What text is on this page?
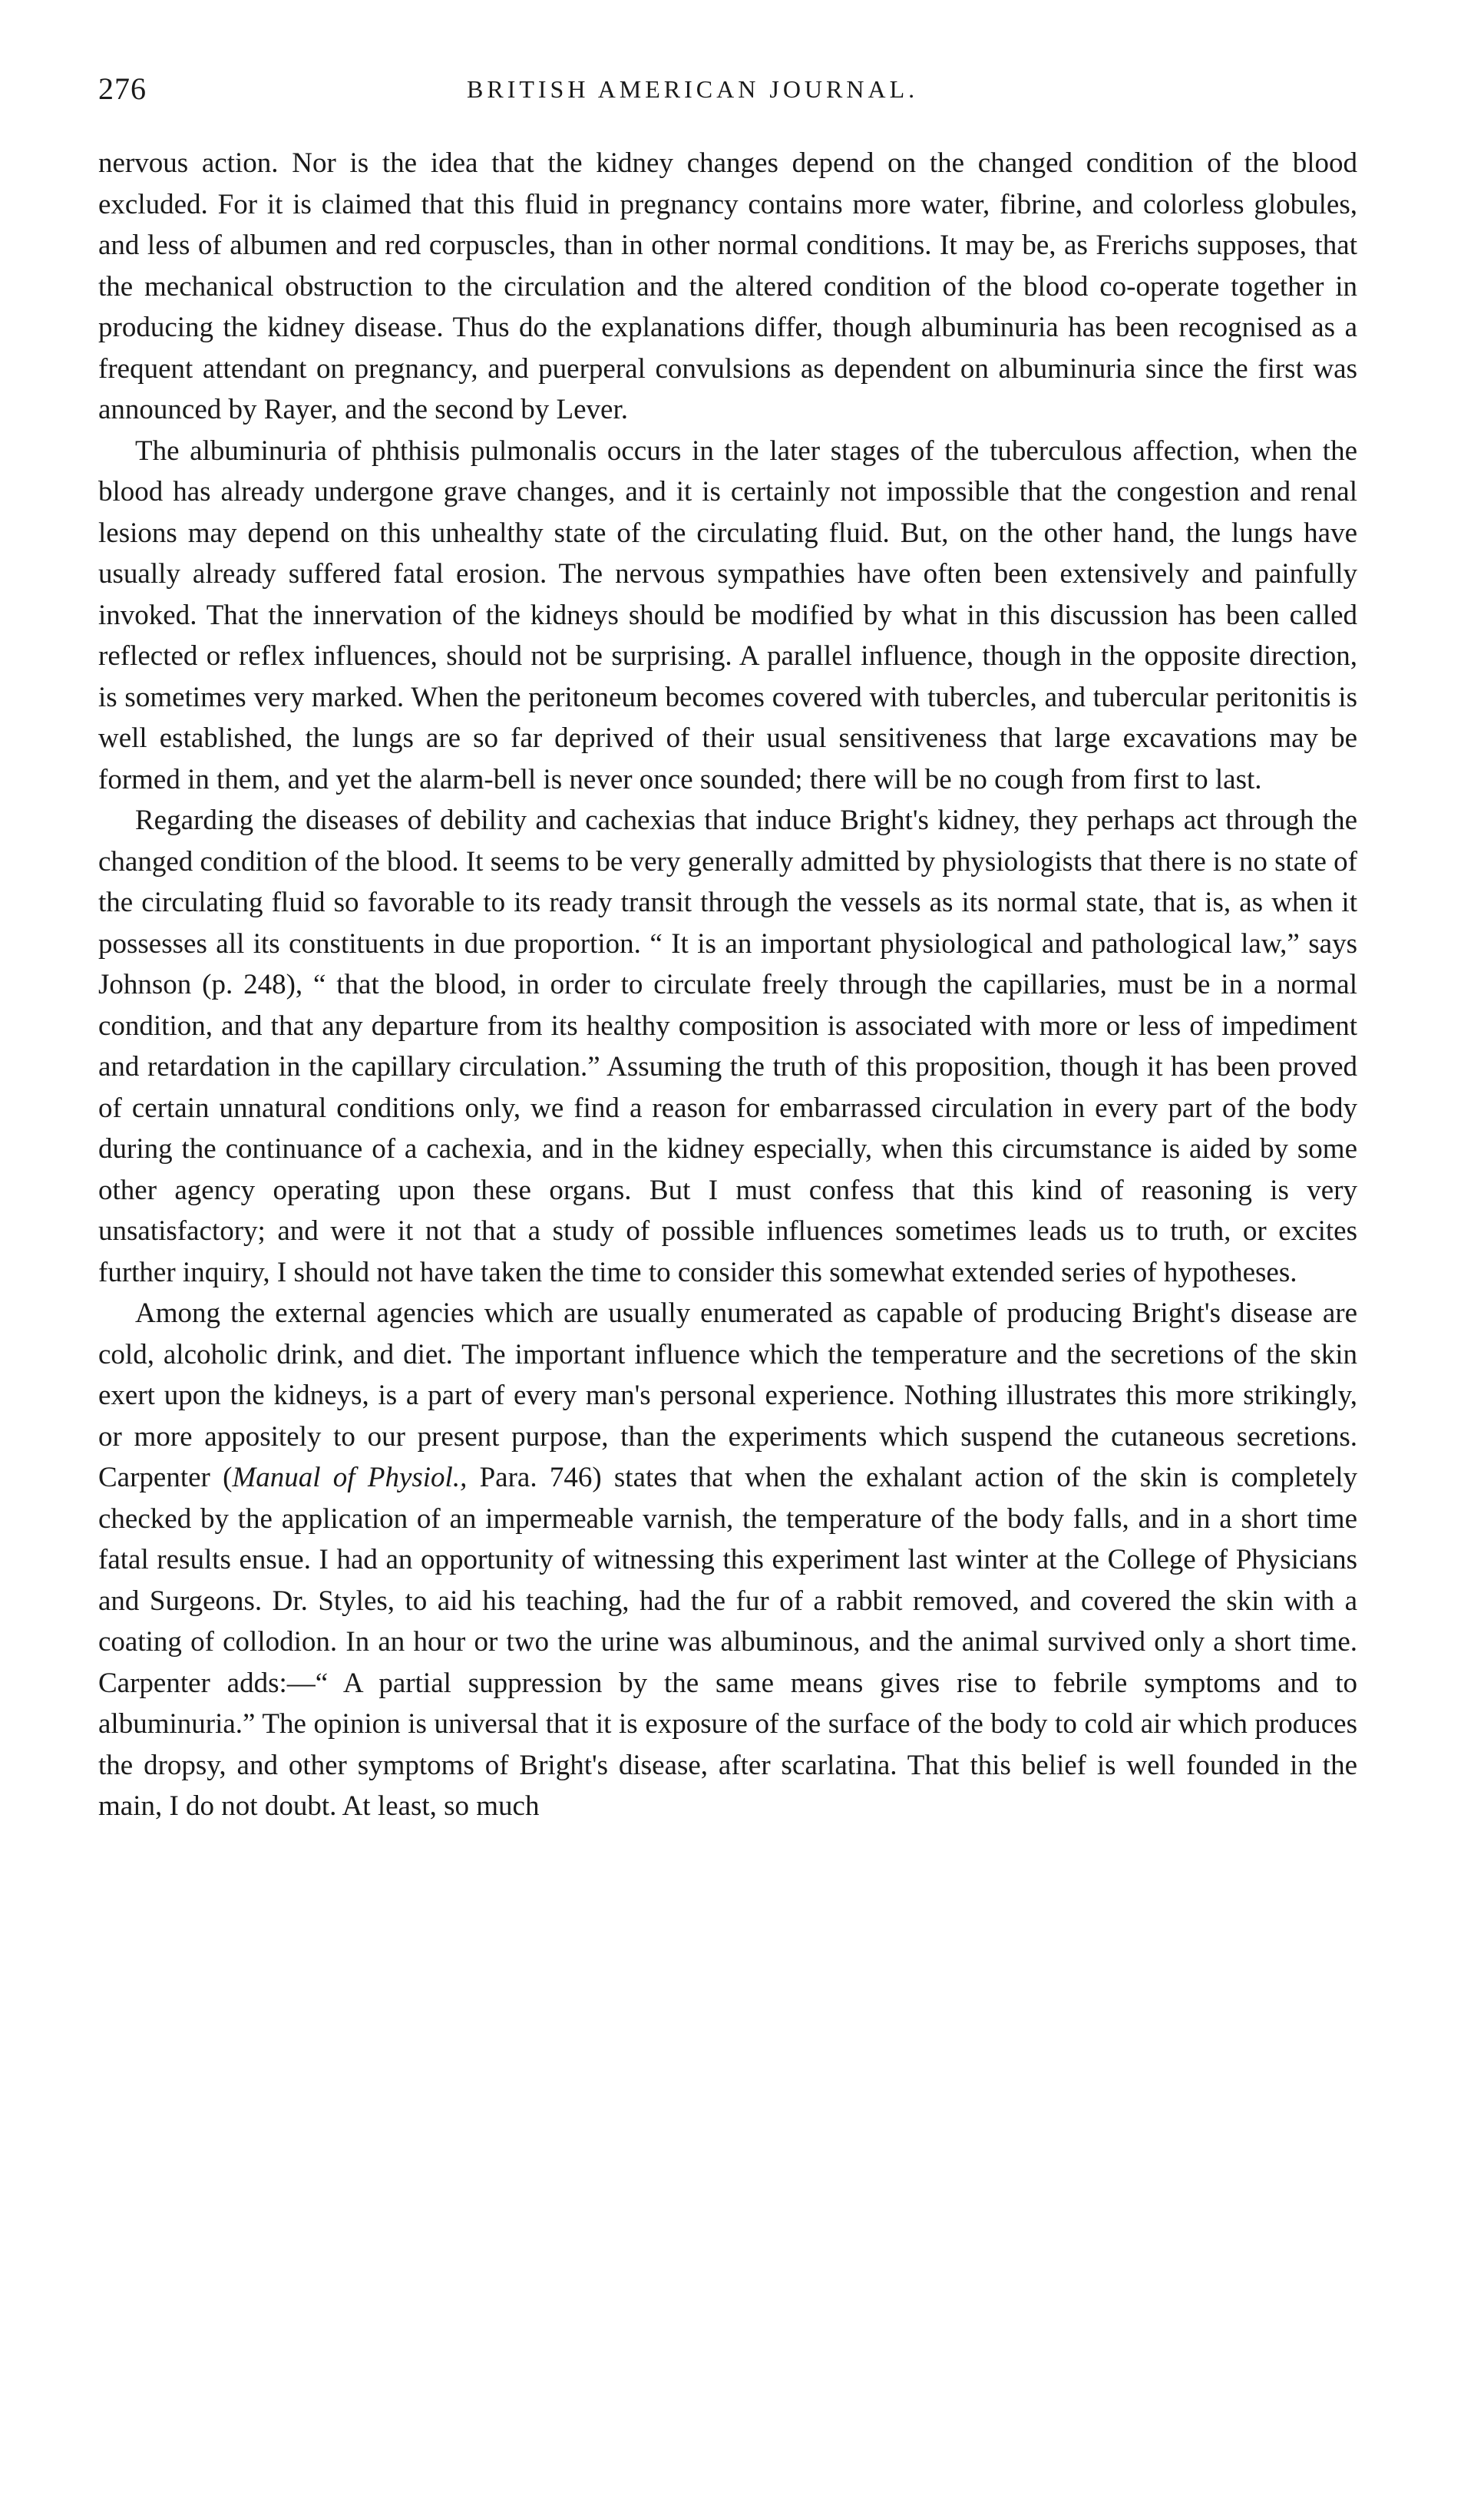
276	BRITISH AMERICAN JOURNAL.

nervous action. Nor is the idea that the kidney changes depend on the changed condition of the blood excluded. For it is claimed that this fluid in pregnancy contains more water, fibrine, and colorless globules, and less of albumen and red corpuscles, than in other normal conditions. It may be, as Frerichs supposes, that the mechanical obstruction to the circulation and the altered condition of the blood co-operate together in producing the kidney disease. Thus do the explanations differ, though albuminuria has been recognised as a frequent attendant on pregnancy, and puerperal convulsions as dependent on albuminuria since the first was announced by Rayer, and the second by Lever.

The albuminuria of phthisis pulmonalis occurs in the later stages of the tuberculous affection, when the blood has already undergone grave changes, and it is certainly not impossible that the congestion and renal lesions may depend on this unhealthy state of the circulating fluid. But, on the other hand, the lungs have usually already suffered fatal erosion. The nervous sympathies have often been extensively and painfully invoked. That the innervation of the kidneys should be modified by what in this discussion has been called reflected or reflex influences, should not be surprising. A parallel influence, though in the opposite direction, is sometimes very marked. When the peritoneum becomes covered with tubercles, and tubercular peritonitis is well established, the lungs are so far deprived of their usual sensitiveness that large excavations may be formed in them, and yet the alarm-bell is never once sounded; there will be no cough from first to last.

Regarding the diseases of debility and cachexias that induce Bright's kidney, they perhaps act through the changed condition of the blood. It seems to be very generally admitted by physiologists that there is no state of the circulating fluid so favorable to its ready transit through the vessels as its normal state, that is, as when it possesses all its constituents in due proportion. “ It is an important physiological and pathological law,” says Johnson (p. 248), “ that the blood, in order to circulate freely through the capillaries, must be in a normal condition, and that any departure from its healthy composition is associated with more or less of impediment and retardation in the capillary circulation.” Assuming the truth of this proposition, though it has been proved of certain unnatural conditions only, we find a reason for embarrassed circulation in every part of the body during the continuance of a cachexia, and in the kidney especially, when this circumstance is aided by some other agency operating upon these organs. But I must confess that this kind of reasoning is very unsatisfactory; and were it not that a study of possible influences sometimes leads us to truth, or excites further inquiry, I should not have taken the time to consider this somewhat extended series of hypotheses.

Among the external agencies which are usually enumerated as capable of producing Bright's disease are cold, alcoholic drink, and diet. The important influence which the temperature and the secretions of the skin exert upon the kidneys, is a part of every man's personal experience. Nothing illustrates this more strikingly, or more appositely to our present purpose, than the experiments which suspend the cutaneous secretions. Carpenter (Manual of Physiol., Para. 746) states that when the exhalant action of the skin is completely checked by the application of an impermeable varnish, the temperature of the body falls, and in a short time fatal results ensue. I had an opportunity of witnessing this experiment last winter at the College of Physicians and Surgeons. Dr. Styles, to aid his teaching, had the fur of a rabbit removed, and covered the skin with a coating of collodion. In an hour or two the urine was albuminous, and the animal survived only a short time. Carpenter adds:—“ A partial suppression by the same means gives rise to febrile symptoms and to albuminuria.” The opinion is universal that it is exposure of the surface of the body to cold air which produces the dropsy, and other symptoms of Bright's disease, after scarlatina. That this belief is well founded in the main, I do not doubt. At least, so much
